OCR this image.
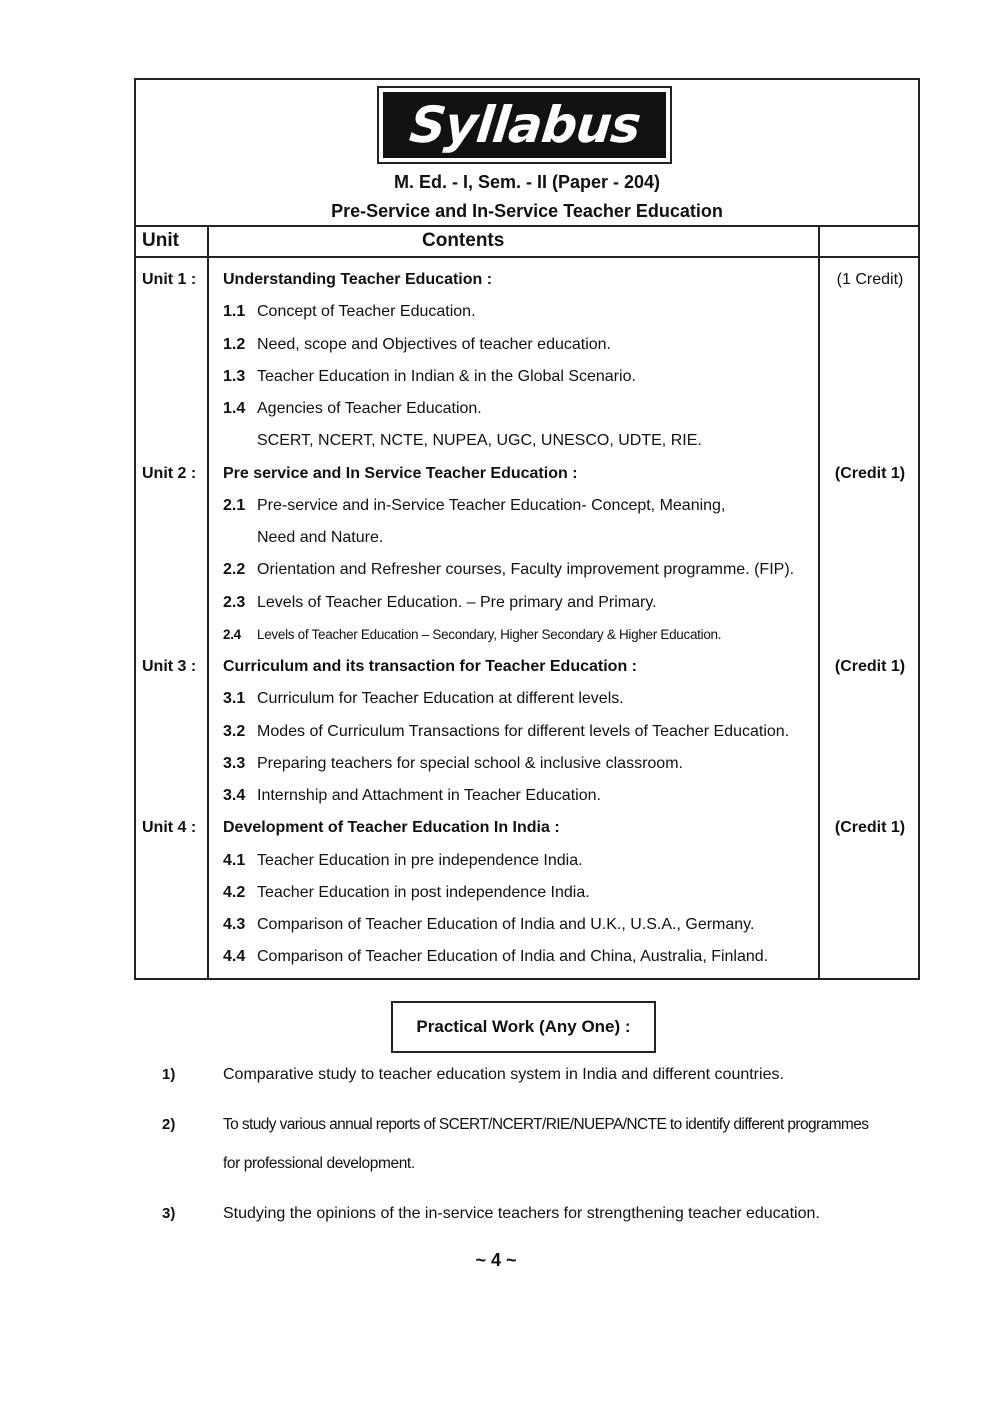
Syllabus
M. Ed. - I, Sem. - II (Paper - 204)
Pre-Service and In-Service Teacher Education
Unit	Contents
Unit 1 : Understanding Teacher Education :	(1 Credit)
1.1 Concept of Teacher Education.
1.2 Need, scope and Objectives of teacher education.
1.3 Teacher Education in Indian & in the Global Scenario.
1.4 Agencies of Teacher Education.
SCERT, NCERT, NCTE, NUPEA, UGC, UNESCO, UDTE, RIE.
Unit 2 : Pre service and In Service Teacher Education :	(Credit 1)
2.1 Pre-service and in-Service Teacher Education- Concept, Meaning,
Need and Nature.
2.2 Orientation and Refresher courses, Faculty improvement programme. (FIP).
2.3 Levels of Teacher Education. – Pre primary and Primary.
2.4 Levels of Teacher Education – Secondary, Higher Secondary & Higher Education.
Unit 3 : Curriculum and its transaction for Teacher Education :	(Credit 1)
3.1 Curriculum for Teacher Education at different levels.
3.2 Modes of Curriculum Transactions for different levels of Teacher Education.
3.3 Preparing teachers for special school & inclusive classroom.
3.4 Internship and Attachment in Teacher Education.
Unit 4 : Development of Teacher Education In India :	(Credit 1)
4.1 Teacher Education in pre independence India.
4.2 Teacher Education in post independence India.
4.3 Comparison of Teacher Education of India and U.K., U.S.A., Germany.
4.4 Comparison of Teacher Education of India and China, Australia, Finland.
Practical Work (Any One) :
1)	Comparative study to teacher education system in India and different countries.
2)	To study various annual reports of SCERT/NCERT/RIE/NUEPA/NCTE to identify different programmes
for professional development.
3)	Studying the opinions of the in-service teachers for strengthening teacher education.
~ 4 ~
